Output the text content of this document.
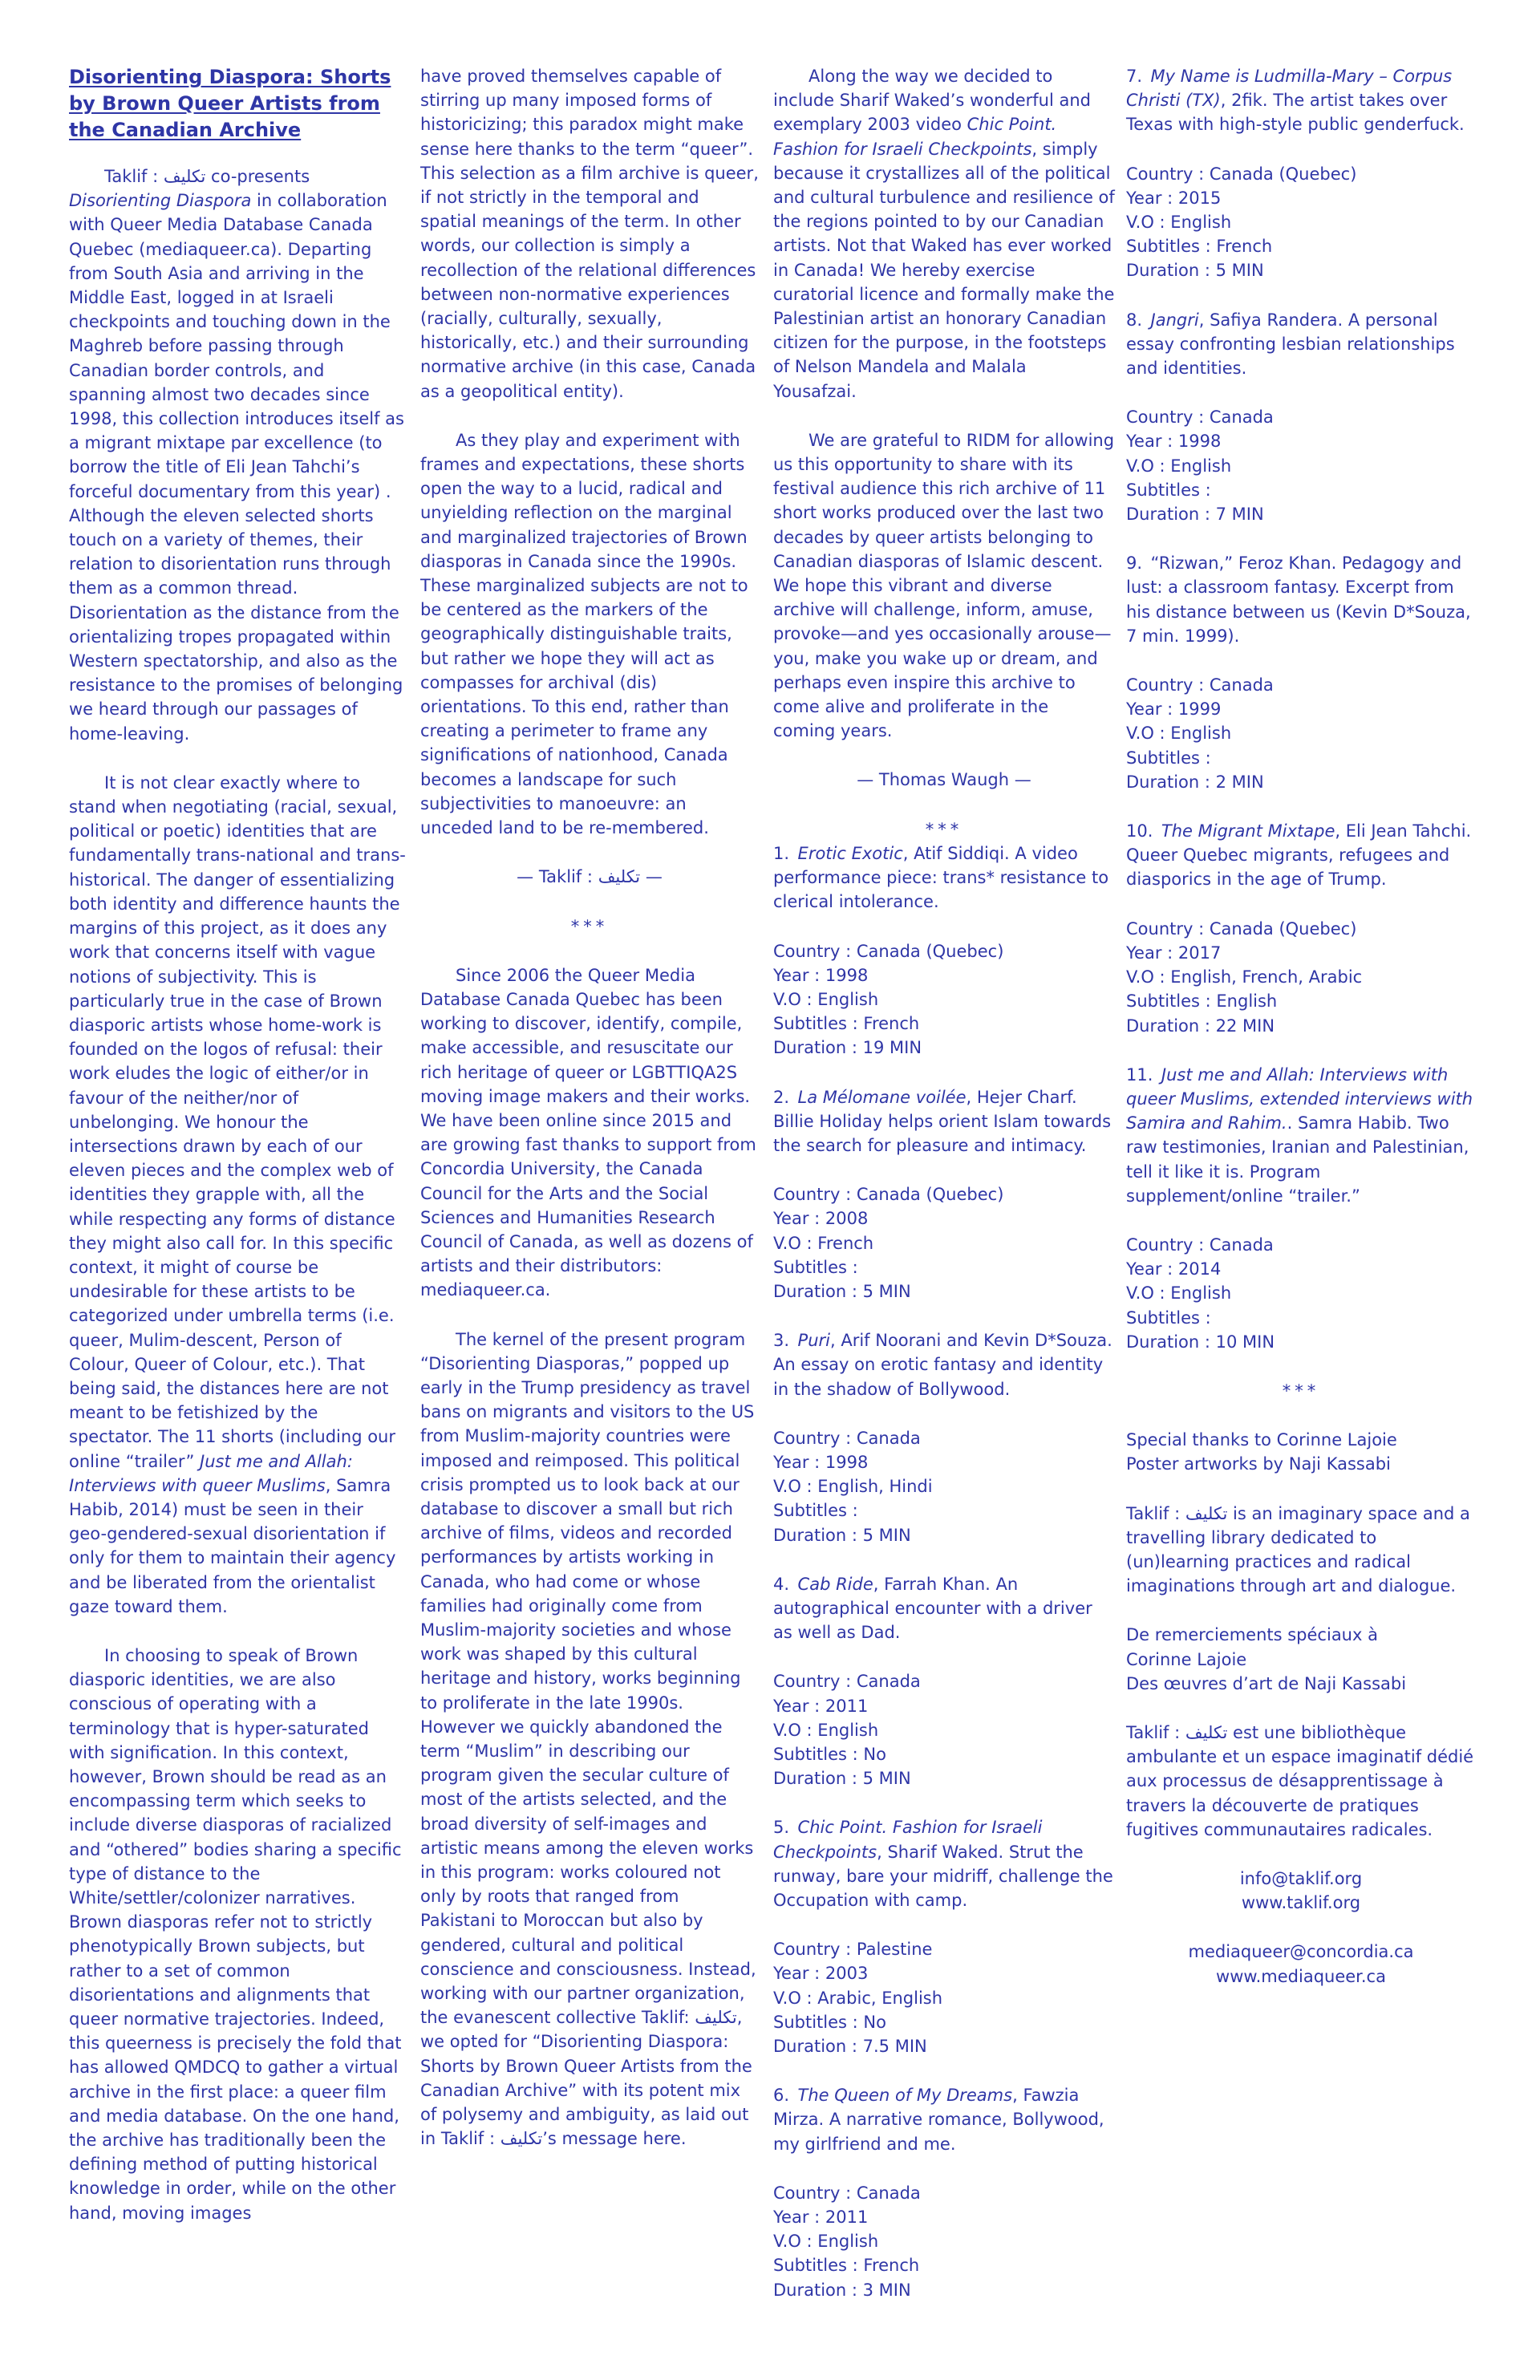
Disorienting Diaspora: Shorts by Brown Queer Artists from the Canadian Archive

Taklif : تكليف co-presents Disorienting Diaspora in collaboration with Queer Media Database Canada Quebec (mediaqueer.ca). Departing from South Asia and arriving in the Middle East, logged in at Israeli checkpoints and touching down in the Maghreb before passing through Canadian border controls, and spanning almost two decades since 1998, this collection introduces itself as a migrant mixtape par excellence (to borrow the title of Eli Jean Tahchi’s forceful documentary from this year) . Although the eleven selected shorts touch on a variety of themes, their relation to disorientation runs through them as a common thread. Disorientation as the distance from the orientalizing tropes propagated within Western spectatorship, and also as the resistance to the promises of belonging we heard through our passages of home-leaving.

It is not clear exactly where to stand when negotiating (racial, sexual, political or poetic) identities that are fundamentally trans-national and trans-historical. The danger of essentializing both identity and difference haunts the margins of this project, as it does any work that concerns itself with vague notions of subjectivity. This is particularly true in the case of Brown diasporic artists whose home-work is founded on the logos of refusal: their work eludes the logic of either/or in favour of the neither/nor of unbelonging. We honour the intersections drawn by each of our eleven pieces and the complex web of identities they grapple with, all the while respecting any forms of distance they might also call for. In this specific context, it might of course be undesirable for these artists to be categorized under umbrella terms (i.e. queer, Mulim-descent, Person of Colour, Queer of Colour, etc.). That being said, the distances here are not meant to be fetishized by the spectator. The 11 shorts (including our online “trailer” Just me and Allah: Interviews with queer Muslims, Samra Habib, 2014) must be seen in their geo-gendered-sexual disorientation if only for them to maintain their agency and be liberated from the orientalist gaze toward them.

In choosing to speak of Brown diasporic identities, we are also conscious of operating with a terminology that is hyper-saturated with signification. In this context, however, Brown should be read as an encompassing term which seeks to include diverse diasporas of racialized and “othered” bodies sharing a specific type of distance to the White/settler/colonizer narratives. Brown diasporas refer not to strictly phenotypically Brown subjects, but rather to a set of common disorientations and alignments that queer normative trajectories. Indeed, this queerness is precisely the fold that has allowed QMDCQ to gather a virtual archive in the first place: a queer film and media database. On the one hand, the archive has traditionally been the defining method of putting historical knowledge in order, while on the other hand, moving images

have proved themselves capable of stirring up many imposed forms of historicizing; this paradox might make sense here thanks to the term “queer”. This selection as a film archive is queer, if not strictly in the temporal and spatial meanings of the term. In other words, our collection is simply a recollection of the relational differences between non-normative experiences (racially, culturally, sexually, historically, etc.) and their surrounding normative archive (in this case, Canada as a geopolitical entity).

As they play and experiment with frames and expectations, these shorts open the way to a lucid, radical and unyielding reflection on the marginal and marginalized trajectories of Brown diasporas in Canada since the 1990s. These marginalized subjects are not to be centered as the markers of the geographically distinguishable traits, but rather we hope they will act as compasses for archival (dis) orientations. To this end, rather than creating a perimeter to frame any significations of nationhood, Canada becomes a landscape for such subjectivities to manoeuvre: an unceded land to be re-membered.

— Taklif : تكليف —

***

Since 2006 the Queer Media Database Canada Quebec has been working to discover, identify, compile, make accessible, and resuscitate our rich heritage of queer or LGBTTIQA2S moving image makers and their works. We have been online since 2015 and are growing fast thanks to support from Concordia University, the Canada Council for the Arts and the Social Sciences and Humanities Research Council of Canada, as well as dozens of artists and their distributors: mediaqueer.ca.

The kernel of the present program “Disorienting Diasporas,” popped up early in the Trump presidency as travel bans on migrants and visitors to the US from Muslim-majority countries were imposed and reimposed. This political crisis prompted us to look back at our database to discover a small but rich archive of films, videos and recorded performances by artists working in Canada, who had come or whose families had originally come from Muslim-majority societies and whose work was shaped by this cultural heritage and history, works beginning to proliferate in the late 1990s. However we quickly abandoned the term “Muslim” in describing our program given the secular culture of most of the artists selected, and the broad diversity of self-images and artistic means among the eleven works in this program: works coloured not only by roots that ranged from Pakistani to Moroccan but also by gendered, cultural and political conscience and consciousness. Instead, working with our partner organization, the evanescent collective Taklif: تكليف, we opted for “Disorienting Diaspora: Shorts by Brown Queer Artists from the Canadian Archive” with its potent mix of polysemy and ambiguity, as laid out in Taklif : تكليف’s message here.

Along the way we decided to include Sharif Waked’s wonderful and exemplary 2003 video Chic Point. Fashion for Israeli Checkpoints, simply because it crystallizes all of the political and cultural turbulence and resilience of the regions pointed to by our Canadian artists. Not that Waked has ever worked in Canada! We hereby exercise curatorial licence and formally make the Palestinian artist an honorary Canadian citizen for the purpose, in the footsteps of Nelson Mandela and Malala Yousafzai.

We are grateful to RIDM for allowing us this opportunity to share with its festival audience this rich archive of 11 short works produced over the last two decades by queer artists belonging to Canadian diasporas of Islamic descent. We hope this vibrant and diverse archive will challenge, inform, amuse, provoke—and yes occasionally arouse—you, make you wake up or dream, and perhaps even inspire this archive to come alive and proliferate in the coming years.

— Thomas Waugh —

***

1.  Erotic Exotic, Atif Siddiqi. A video performance piece: trans* resistance to clerical intolerance.

Country : Canada (Quebec)

Year : 1998

V.O : English

Subtitles : French

Duration : 19 MIN

2.  La Mélomane voilée, Hejer Charf. Billie Holiday helps orient Islam towards the search for pleasure and intimacy.

Country : Canada (Quebec)

Year : 2008

V.O : French

Subtitles :

Duration : 5 MIN

3.  Puri, Arif Noorani and Kevin D*Souza. An essay on erotic fantasy and identity in the shadow of Bollywood.

Country : Canada

Year : 1998

V.O : English, Hindi

Subtitles :

Duration : 5 MIN

4.  Cab Ride, Farrah Khan. An autographical encounter with a driver as well as Dad.

Country : Canada

Year : 2011

V.O : English

Subtitles : No

Duration : 5 MIN

5.  Chic Point. Fashion for Israeli Checkpoints, Sharif Waked. Strut the runway, bare your midriff, challenge the Occupation with camp.

Country : Palestine

Year : 2003

V.O : Arabic, English

Subtitles : No

Duration : 7.5 MIN

6.  The Queen of My Dreams, Fawzia Mirza. A narrative romance, Bollywood, my girlfriend and me.

Country : Canada

Year : 2011

V.O : English

Subtitles : French

Duration : 3 MIN

7.  My Name is Ludmilla-Mary – Corpus Christi (TX), 2fik. The artist takes over Texas with high-style public genderfuck.

Country : Canada (Quebec)

Year : 2015

V.O : English

Subtitles : French

Duration : 5 MIN

8.  Jangri, Safiya Randera. A personal essay confronting lesbian relationships and identities.

Country : Canada

Year : 1998

V.O : English

Subtitles :

Duration : 7 MIN

9.  “Rizwan,” Feroz Khan. Pedagogy and lust: a classroom fantasy. Excerpt from his distance between us (Kevin D*Souza, 7 min. 1999).

Country : Canada

Year : 1999

V.O : English

Subtitles :

Duration : 2 MIN

10.  The Migrant Mixtape, Eli Jean Tahchi. Queer Quebec migrants, refugees and diasporics in the age of Trump.

Country : Canada (Quebec)

Year : 2017

V.O : English, French, Arabic

Subtitles : English

Duration : 22 MIN

11.  Just me and Allah: Interviews with queer Muslims, extended interviews with Samira and Rahim.. Samra Habib. Two raw testimonies, Iranian and Palestinian, tell it like it is. Program supplement/online “trailer.”

Country : Canada

Year : 2014

V.O : English

Subtitles :

Duration : 10 MIN

***

Special thanks to Corinne Lajoie

Poster artworks by Naji Kassabi

Taklif : تكليف is an imaginary space and a travelling library dedicated to (un)learning practices and radical imaginations through art and dialogue.

De remerciements spéciaux à

Corinne Lajoie

Des œuvres d’art de Naji Kassabi

Taklif : تكليف est une bibliothèque ambulante et un espace imaginatif dédié aux processus de désapprentissage à travers la découverte de pratiques fugitives communautaires radicales.

info@taklif.org

www.taklif.org

mediaqueer@concordia.ca

www.mediaqueer.ca
